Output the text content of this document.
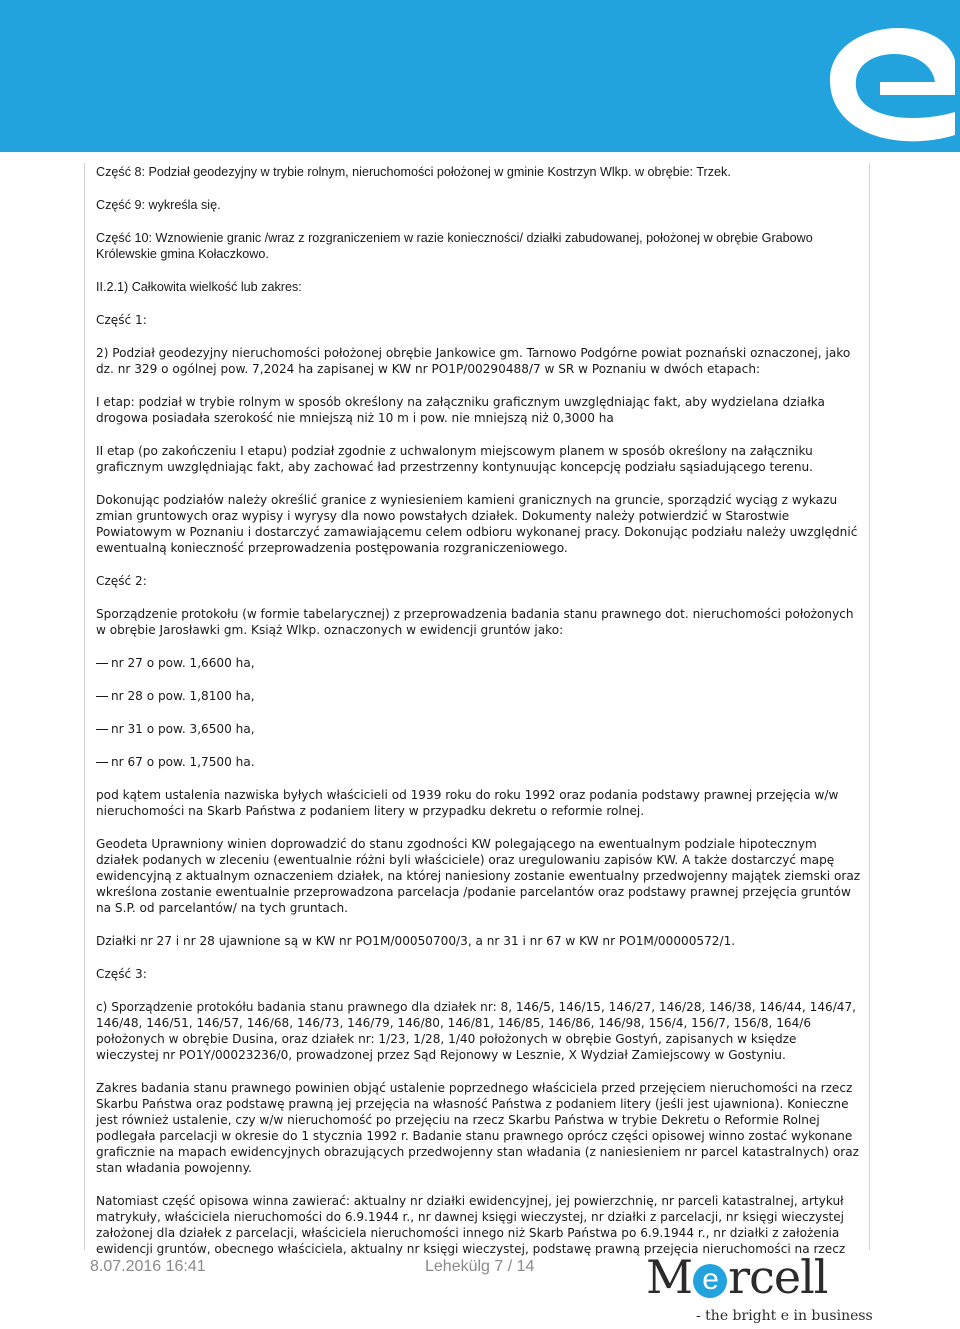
Część 8: Podział geodezyjny w trybie rolnym, nieruchomości położonej w gminie Kostrzyn Wlkp. w obrębie: Trzek.

Część 9: wykreśla się.

Część 10: Wznowienie granic /wraz z rozgraniczeniem w razie konieczności/ działki zabudowanej, położonej w obrębie Grabowo Królewskie gmina Kołaczkowo.

II.2.1) Całkowita wielkość lub zakres:

Część 1:

2) Podział geodezyjny nieruchomości położonej obrębie Jankowice gm. Tarnowo Podgórne powiat poznański oznaczonej, jako dz. nr 329 o ogólnej pow. 7,2024 ha zapisanej w KW nr PO1P/00290488/7 w SR w Poznaniu w dwóch etapach:

I etap: podział w trybie rolnym w sposób określony na załączniku graficznym uwzględniając fakt, aby wydzielana działka drogowa posiadała szerokość nie mniejszą niż 10 m i pow. nie mniejszą niż 0,3000 ha

II etap (po zakończeniu I etapu) podział zgodnie z uchwalonym miejscowym planem w sposób określony na załączniku graficznym uwzględniając fakt, aby zachować ład przestrzenny kontynuując koncepcję podziału sąsiadującego terenu.

Dokonując podziałów należy określić granice z wyniesieniem kamieni granicznych na gruncie, sporządzić wyciąg z wykazu zmian gruntowych oraz wypisy i wyrysy dla nowo powstałych działek. Dokumenty należy potwierdzić w Starostwie Powiatowym w Poznaniu i dostarczyć zamawiającemu celem odbioru wykonanej pracy. Dokonując podziału należy uwzględnić ewentualną konieczność przeprowadzenia postępowania rozgraniczeniowego.

Część 2:

Sporządzenie protokołu (w formie tabelarycznej) z przeprowadzenia badania stanu prawnego dot. nieruchomości położonych w obrębie Jarosławki gm. Książ Wlkp. oznaczonych w ewidencji gruntów jako:

nr 27 o pow. 1,6600 ha,

nr 28 o pow. 1,8100 ha,

nr 31 o pow. 3,6500 ha,

nr 67 o pow. 1,7500 ha.

pod kątem ustalenia nazwiska byłych właścicieli od 1939 roku do roku 1992 oraz podania podstawy prawnej przejęcia w/w nieruchomości na Skarb Państwa z podaniem litery w przypadku dekretu o reformie rolnej.

Geodeta Uprawniony winien doprowadzić do stanu zgodności KW polegającego na ewentualnym podziale hipotecznym działek podanych w zleceniu (ewentualnie różni byli właściciele) oraz uregulowaniu zapisów KW. A także dostarczyć mapę ewidencyjną z aktualnym oznaczeniem działek, na której naniesiony zostanie ewentualny przedwojenny majątek ziemski oraz wkreślona zostanie ewentualnie przeprowadzona parcelacja /podanie parcelantów oraz podstawy prawnej przejęcia gruntów na S.P. od parcelantów/ na tych gruntach.

Działki nr 27 i nr 28 ujawnione są w KW nr PO1M/00050700/3, a nr 31 i nr 67 w KW nr PO1M/00000572/1.

Część 3:

c) Sporządzenie protokółu badania stanu prawnego dla działek nr: 8, 146/5, 146/15, 146/27, 146/28, 146/38, 146/44, 146/47, 146/48, 146/51, 146/57, 146/68, 146/73, 146/79, 146/80, 146/81, 146/85, 146/86, 146/98, 156/4, 156/7, 156/8, 164/6 położonych w obrębie Dusina, oraz działek nr: 1/23, 1/28, 1/40 położonych w obrębie Gostyń, zapisanych w księdze wieczystej nr PO1Y/00023236/0, prowadzonej przez Sąd Rejonowy w Lesznie, X Wydział Zamiejscowy w Gostyniu.

Zakres badania stanu prawnego powinien objąć ustalenie poprzednego właściciela przed przejęciem nieruchomości na rzecz Skarbu Państwa oraz podstawę prawną jej przejęcia na własność Państwa z podaniem litery (jeśli jest ujawniona). Konieczne jest również ustalenie, czy w/w nieruchomość po przejęciu na rzecz Skarbu Państwa w trybie Dekretu o Reformie Rolnej podlegała parcelacji w okresie do 1 stycznia 1992 r. Badanie stanu prawnego oprócz części opisowej winno zostać wykonane graficznie na mapach ewidencyjnych obrazujących przedwojenny stan władania (z naniesieniem nr parcel katastralnych) oraz stan władania powojenny.

Natomiast część opisowa winna zawierać: aktualny nr działki ewidencyjnej, jej powierzchnię, nr parceli katastralnej, artykuł matrykuły, właściciela nieruchomości do 6.9.1944 r., nr dawnej księgi wieczystej, nr działki z parcelacji, nr księgi wieczystej założonej dla działek z parcelacji, właściciela nieruchomości innego niż Skarb Państwa po 6.9.1944 r., nr działki z założenia ewidencji gruntów, obecnego właściciela, aktualny nr księgi wieczystej, podstawę prawną przejęcia nieruchomości na rzecz

8.07.2016 16:41	Lehekülg 7 / 14 M e rcell
- the bright e in business
